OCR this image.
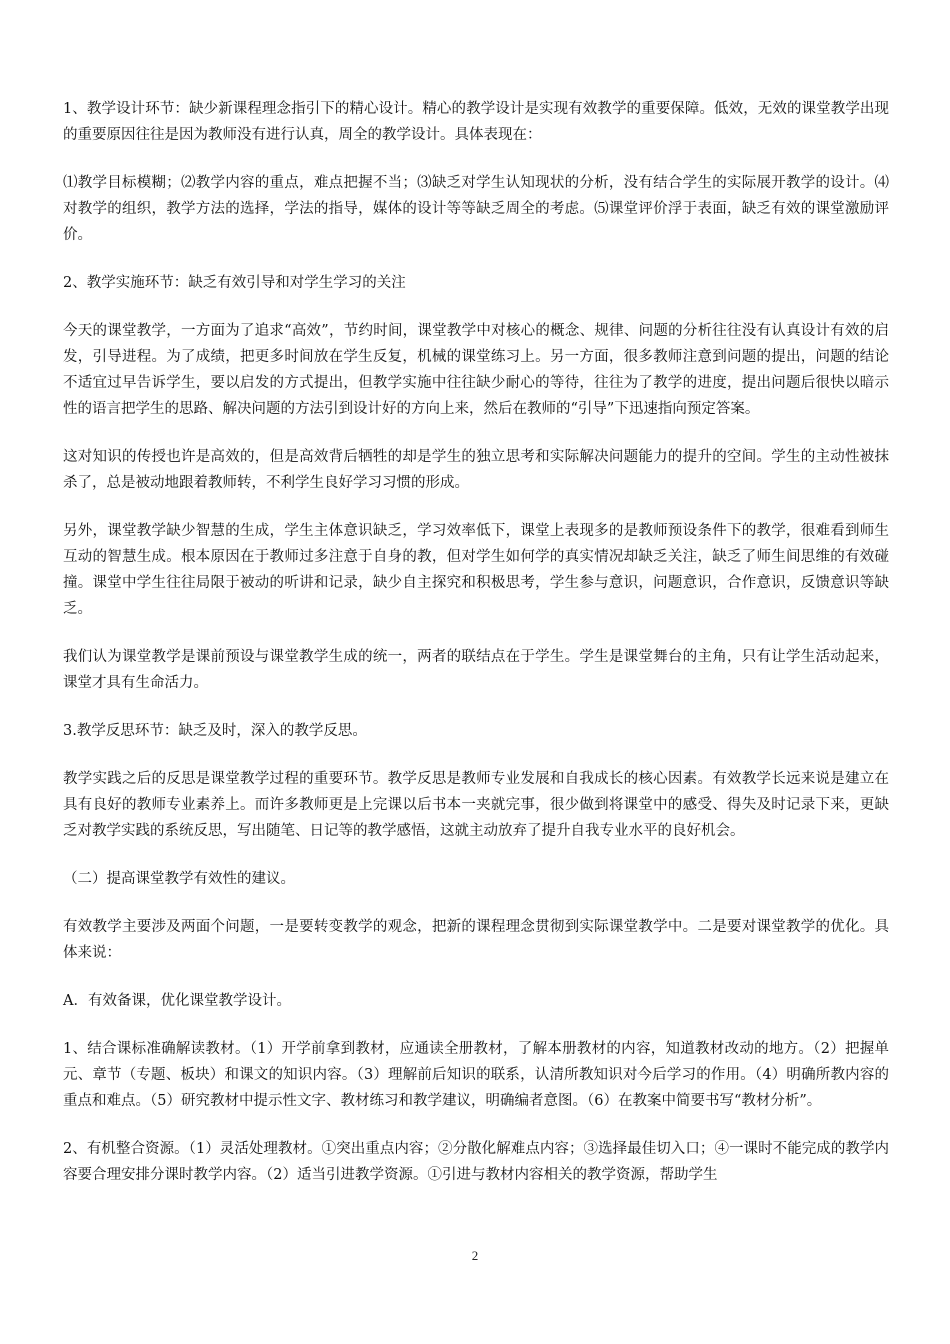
1、教学设计环节：缺少新课程理念指引下的精心设计。精心的教学设计是实现有效教学的重要保障。低效，无效的课堂教学出现的重要原因往往是因为教师没有进行认真，周全的教学设计。具体表现在：

⑴教学目标模糊；⑵教学内容的重点，难点把握不当；⑶缺乏对学生认知现状的分析，没有结合学生的实际展开教学的设计。⑷对教学的组织，教学方法的选择，学法的指导，媒体的设计等等缺乏周全的考虑。⑸课堂评价浮于表面，缺乏有效的课堂激励评价。

2、教学实施环节：缺乏有效引导和对学生学习的关注

今天的课堂教学，一方面为了追求“高效”，节约时间，课堂教学中对核心的概念、规律、问题的分析往往没有认真设计有效的启发，引导进程。为了成绩，把更多时间放在学生反复，机械的课堂练习上。另一方面，很多教师注意到问题的提出，问题的结论不适宜过早告诉学生，要以启发的方式提出，但教学实施中往往缺少耐心的等待，往往为了教学的进度，提出问题后很快以暗示性的语言把学生的思路、解决问题的方法引到设计好的方向上来，然后在教师的“引导”下迅速指向预定答案。

这对知识的传授也许是高效的，但是高效背后牺牲的却是学生的独立思考和实际解决问题能力的提升的空间。学生的主动性被抹杀了，总是被动地跟着教师转，不利学生良好学习习惯的形成。

另外，课堂教学缺少智慧的生成，学生主体意识缺乏，学习效率低下，课堂上表现多的是教师预设条件下的教学，很难看到师生互动的智慧生成。根本原因在于教师过多注意于自身的教，但对学生如何学的真实情况却缺乏关注，缺乏了师生间思维的有效碰撞。课堂中学生往往局限于被动的听讲和记录，缺少自主探究和积极思考，学生参与意识，问题意识，合作意识，反馈意识等缺乏。

我们认为课堂教学是课前预设与课堂教学生成的统一，两者的联结点在于学生。学生是课堂舞台的主角，只有让学生活动起来，课堂才具有生命活力。

3.教学反思环节：缺乏及时，深入的教学反思。

教学实践之后的反思是课堂教学过程的重要环节。教学反思是教师专业发展和自我成长的核心因素。有效教学长远来说是建立在具有良好的教师专业素养上。而许多教师更是上完课以后书本一夹就完事，很少做到将课堂中的感受、得失及时记录下来，更缺乏对教学实践的系统反思，写出随笔、日记等的教学感悟，这就主动放弃了提升自我专业水平的良好机会。

（二）提高课堂教学有效性的建议。

有效教学主要涉及两面个问题，一是要转变教学的观念，把新的课程理念贯彻到实际课堂教学中。二是要对课堂教学的优化。具体来说：

A．有效备课，优化课堂教学设计。

1、结合课标准确解读教材。（1）开学前拿到教材，应通读全册教材，了解本册教材的内容，知道教材改动的地方。（2）把握单元、章节（专题、板块）和课文的知识内容。（3）理解前后知识的联系，认清所教知识对今后学习的作用。（4）明确所教内容的重点和难点。（5）研究教材中提示性文字、教材练习和教学建议，明确编者意图。（6）在教案中简要书写“教材分析”。

2、有机整合资源。（1）灵活处理教材。①突出重点内容；②分散化解难点内容；③选择最佳切入口；④一课时不能完成的教学内容要合理安排分课时教学内容。（2）适当引进教学资源。①引进与教材内容相关的教学资源，帮助学生

2
